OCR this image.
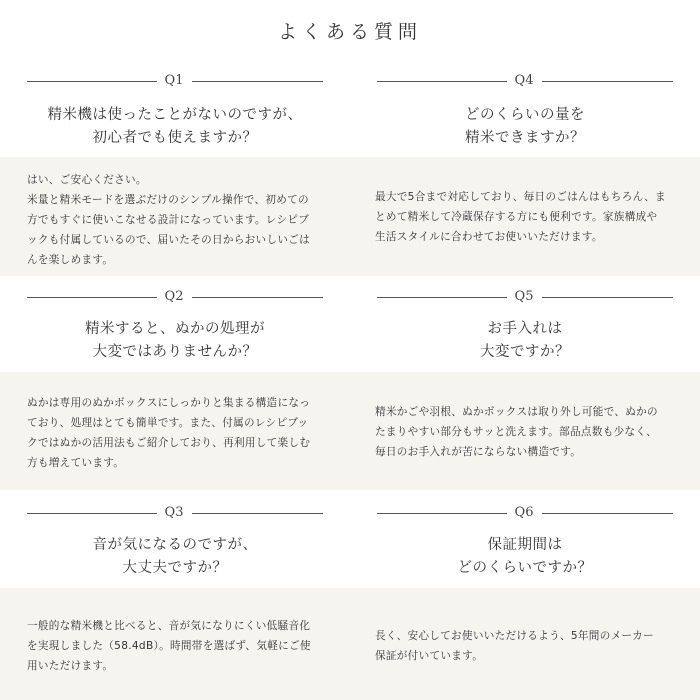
よくある質問
Q1
精米機は使ったことがないのですが、
初心者でも使えますか？
はい、ご安心ください。
米量と精米モードを選ぶだけのシンプル操作で、初めての
方でもすぐに使いこなせる設計になっています。レシピブ
ックも付属しているので、届いたその日からおいしいごは
んを楽しめます。
Q4
どのくらいの量を
精米できますか？
最大で5合まで対応しており、毎日のごはんはもちろん、ま
とめて精米して冷蔵保存する方にも便利です。家族構成や
生活スタイルに合わせてお使いいただけます。
Q2
精米すると、ぬかの処理が
大変ではありませんか？
ぬかは専用のぬかボックスにしっかりと集まる構造になっ
ており、処理はとても簡単です。また、付属のレシピブッ
クではぬかの活用法もご紹介しており、再利用して楽しむ
方も増えています。
Q5
お手入れは
大変ですか？
精米かごや羽根、ぬかボックスは取り外し可能で、ぬかの
たまりやすい部分もサッと洗えます。部品点数も少なく、
毎日のお手入れが苦にならない構造です。
Q3
音が気になるのですが、
大丈夫ですか？
一般的な精米機と比べると、音が気になりにくい低騒音化
を実現しました（58.4dB）。時間帯を選ばず、気軽にご使
用いただけます。
Q6
保証期間は
どのくらいですか？
長く、安心してお使いいただけるよう、5年間のメーカー
保証が付いています。
